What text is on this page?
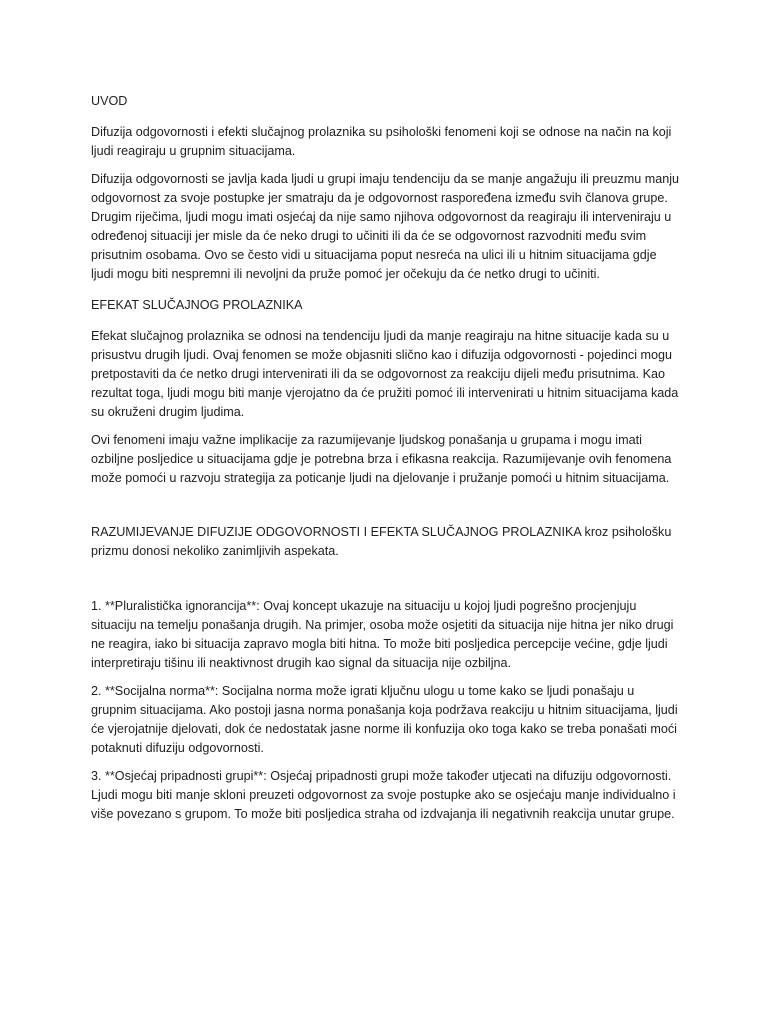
UVOD

Difuzija odgovornosti i efekti slučajnog prolaznika su psihološki fenomeni koji se odnose na način na koji ljudi reagiraju u grupnim situacijama.

Difuzija odgovornosti se javlja kada ljudi u grupi imaju tendenciju da se manje angažuju ili preuzmu manju odgovornost za svoje postupke jer smatraju da je odgovornost raspoređena između svih članova grupe. Drugim riječima, ljudi mogu imati osjećaj da nije samo njihova odgovornost da reagiraju ili interveniraju u određenoj situaciji jer misle da će neko drugi to učiniti ili da će se odgovornost razvodniti među svim prisutnim osobama. Ovo se često vidi u situacijama poput nesreća na ulici ili u hitnim situacijama gdje ljudi mogu biti nespremni ili nevoljni da pruže pomoć jer očekuju da će netko drugi to učiniti.

EFEKAT SLUČAJNOG PROLAZNIKA

Efekat slučajnog prolaznika se odnosi na tendenciju ljudi da manje reagiraju na hitne situacije kada su u prisustvu drugih ljudi. Ovaj fenomen se može objasniti slično kao i difuzija odgovornosti - pojedinci mogu pretpostaviti da će netko drugi intervenirati ili da se odgovornost za reakciju dijeli među prisutnima. Kao rezultat toga, ljudi mogu biti manje vjerojatno da će pružiti pomoć ili intervenirati u hitnim situacijama kada su okruženi drugim ljudima.

Ovi fenomeni imaju važne implikacije za razumijevanje ljudskog ponašanja u grupama i mogu imati ozbiljne posljedice u situacijama gdje je potrebna brza i efikasna reakcija. Razumijevanje ovih fenomena može pomoći u razvoju strategija za poticanje ljudi na djelovanje i pružanje pomoći u hitnim situacijama.

RAZUMIJEVANJE DIFUZIJE ODGOVORNOSTI I EFEKTA SLUČAJNOG PROLAZNIKA kroz psihološku prizmu donosi nekoliko zanimljivih aspekata.

1. **Pluralistička ignorancija**: Ovaj koncept ukazuje na situaciju u kojoj ljudi pogrešno procjenjuju situaciju na temelju ponašanja drugih. Na primjer, osoba može osjetiti da situacija nije hitna jer niko drugi ne reagira, iako bi situacija zapravo mogla biti hitna. To može biti posljedica percepcije većine, gdje ljudi interpretiraju tišinu ili neaktivnost drugih kao signal da situacija nije ozbiljna.

2. **Socijalna norma**: Socijalna norma može igrati ključnu ulogu u tome kako se ljudi ponašaju u grupnim situacijama. Ako postoji jasna norma ponašanja koja podržava reakciju u hitnim situacijama, ljudi će vjerojatnije djelovati, dok će nedostatak jasne norme ili konfuzija oko toga kako se treba ponašati moći potaknuti difuziju odgovornosti.

3. **Osjećaj pripadnosti grupi**: Osjećaj pripadnosti grupi može također utjecati na difuziju odgovornosti. Ljudi mogu biti manje skloni preuzeti odgovornost za svoje postupke ako se osjećaju manje individualno i više povezano s grupom. To može biti posljedica straha od izdvajanja ili negativnih reakcija unutar grupe.
